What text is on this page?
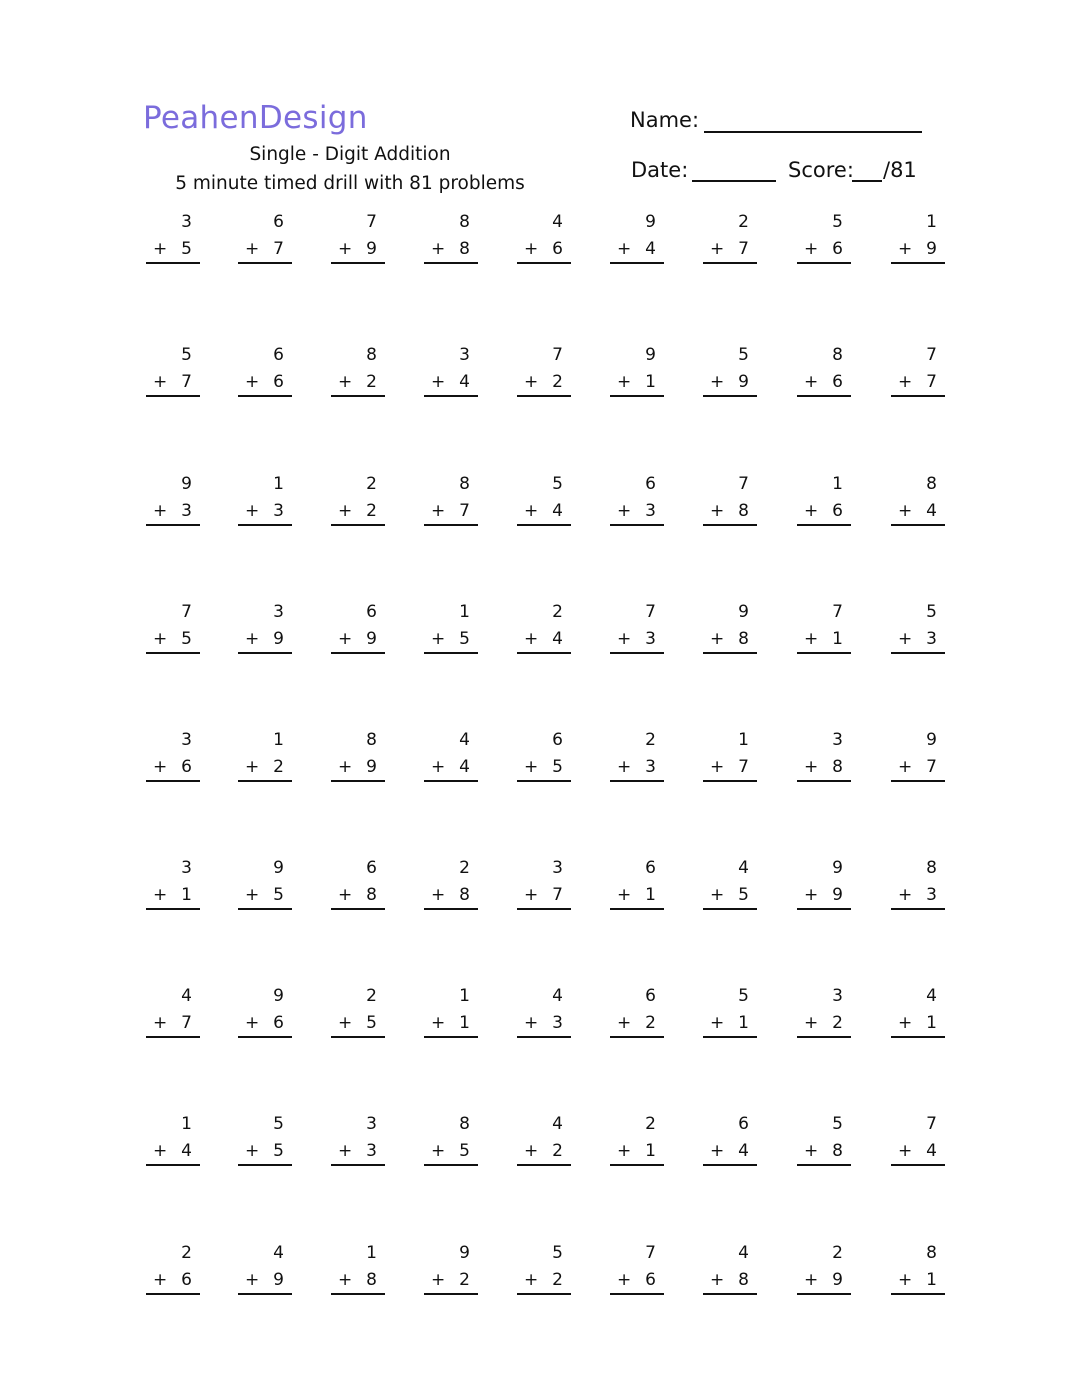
PeahenDesign
Single - Digit Addition
5 minute timed drill with 81 problems
Name:
Date:	Score: /81
3
+ 5
6
+ 7
7
+ 9
8
+ 8
4
+ 6
9
+ 4
2
+ 7
5
+ 6
1
+ 9
5
+ 7
6
+ 6
8
+ 2
3
+ 4
7
+ 2
9
+ 1
5
+ 9
8
+ 6
7
+ 7
9
+ 3
1
+ 3
2
+ 2
8
+ 7
5
+ 4
6
+ 3
7
+ 8
1
+ 6
8
+ 4
7
+ 5
3
+ 9
6
+ 9
1
+ 5
2
+ 4
7
+ 3
9
+ 8
7
+ 1
5
+ 3
3
+ 6
1
+ 2
8
+ 9
4
+ 4
6
+ 5
2
+ 3
1
+ 7
3
+ 8
9
+ 7
3
+ 1
9
+ 5
6
+ 8
2
+ 8
3
+ 7
6
+ 1
4
+ 5
9
+ 9
8
+ 3
4
+ 7
9
+ 6
2
+ 5
1
+ 1
4
+ 3
6
+ 2
5
+ 1
3
+ 2
4
+ 1
1
+ 4
5
+ 5
3
+ 3
8
+ 5
4
+ 2
2
+ 1
6
+ 4
5
+ 8
7
+ 4
2
+ 6
4
+ 9
1
+ 8
9
+ 2
5
+ 2
7
+ 6
4
+ 8
2
+ 9
8
+ 1
